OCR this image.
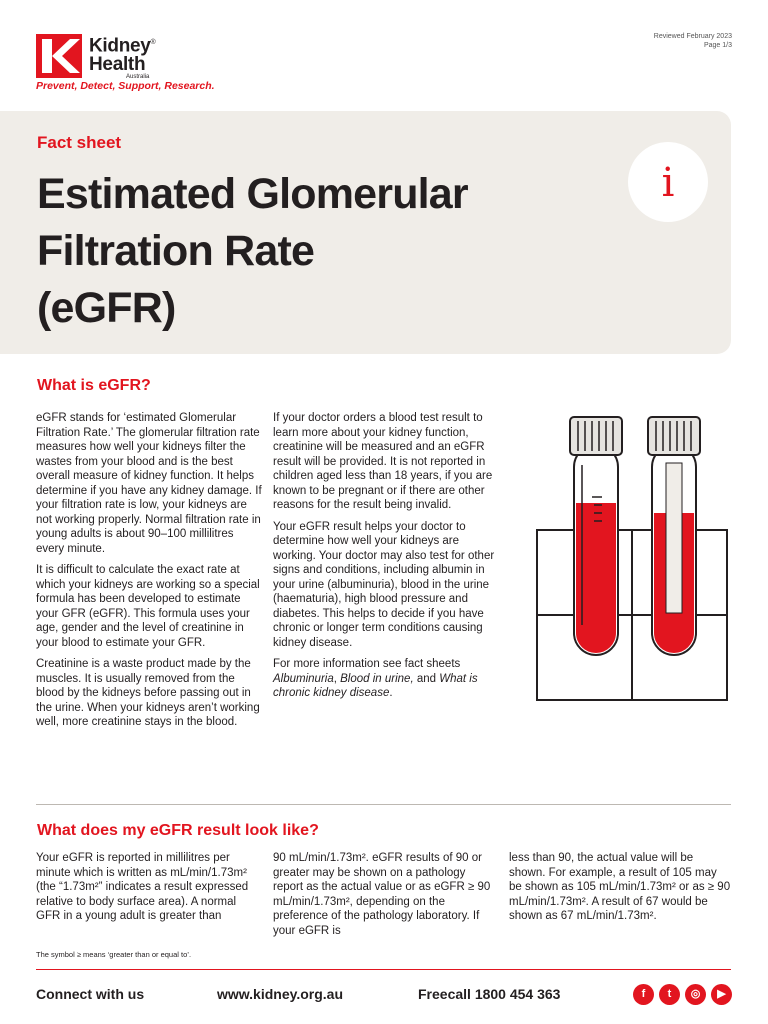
Kidney®
Health
Australia
Prevent, Detect, Support, Research.
Reviewed February 2023
Page 1/3
Fact sheet
Estimated Glomerular
Filtration Rate
(eGFR)
i
What is eGFR?

eGFR stands for ‘estimated Glomerular Filtration Rate.’ The glomerular filtration rate measures how well your kidneys filter the wastes from your blood and is the best overall measure of kidney function. It helps determine if you have any kidney damage. If your filtration rate is low, your kidneys are not working properly. Normal filtration rate in young adults is about 90–100 millilitres every minute.

It is difficult to calculate the exact rate at which your kidneys are working so a special formula has been developed to estimate your GFR (eGFR). This formula uses your age, gender and the level of creatinine in your blood to estimate your GFR.

Creatinine is a waste product made by the muscles. It is usually removed from the blood by the kidneys before passing out in the urine. When your kidneys aren’t working well, more creatinine stays in the blood.

If your doctor orders a blood test result to learn more about your kidney function, creatinine will be measured and an eGFR result will be provided. It is not reported in children aged less than 18 years, if you are known to be pregnant or if there are other reasons for the result being invalid.

Your eGFR result helps your doctor to determine how well your kidneys are working. Your doctor may also test for other signs and conditions, including albumin in your urine (albuminuria), blood in the urine (haematuria), high blood pressure and diabetes. This helps to decide if you have chronic or longer term conditions causing kidney disease.

For more information see fact sheets Albuminuria, Blood in urine, and What is chronic kidney disease.

What does my eGFR result look like?
Your eGFR is reported in millilitres per minute which is written as mL/min/1.73m² (the “1.73m²” indicates a result expressed relative to body surface area). A normal GFR in a young adult is greater than
90 mL/min/1.73m². eGFR results of 90 or greater may be shown on a pathology report as the actual value or as eGFR ≥ 90 mL/min/1.73m², depending on the preference of the pathology laboratory. If your eGFR is
less than 90, the actual value will be shown. For example, a result of 105 may be shown as 105 mL/min/1.73m² or as ≥ 90 mL/min/1.73m². A result of 67 would be shown as 67 mL/min/1.73m².
The symbol ≥ means ‘greater than or equal to’.
Connect with us	www.kidney.org.au	Freecall 1800 454 363	f	t	◎	▶
